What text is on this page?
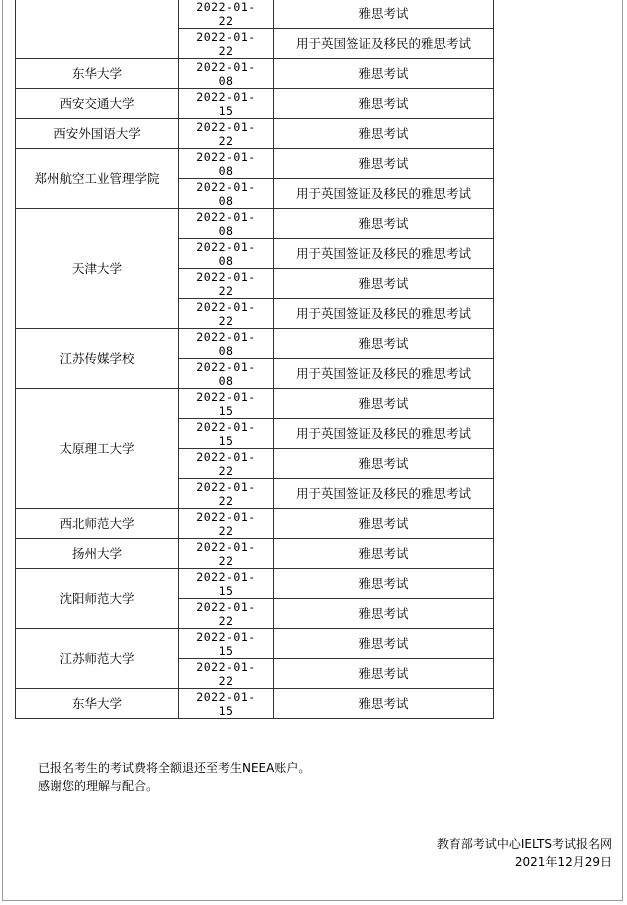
	2022-01-22	雅思考试

	2022-01-22	用于英国签证及移民的雅思考试
东华大学	2022-01-08	雅思考试
西安交通大学	2022-01-15	雅思考试
西安外国语大学	2022-01-22	雅思考试
郑州航空工业管理学院	2022-01-08	雅思考试

	2022-01-08	用于英国签证及移民的雅思考试
天津大学	2022-01-08	雅思考试

	2022-01-08	用于英国签证及移民的雅思考试

	2022-01-22	雅思考试

	2022-01-22	用于英国签证及移民的雅思考试
江苏传媒学校	2022-01-08	雅思考试

	2022-01-08	用于英国签证及移民的雅思考试
太原理工大学	2022-01-15	雅思考试

	2022-01-15	用于英国签证及移民的雅思考试

	2022-01-22	雅思考试

	2022-01-22	用于英国签证及移民的雅思考试
西北师范大学	2022-01-22	雅思考试
扬州大学	2022-01-22	雅思考试
沈阳师范大学	2022-01-15	雅思考试

	2022-01-22	雅思考试
江苏师范大学	2022-01-15	雅思考试

	2022-01-22	雅思考试
东华大学	2022-01-15	雅思考试
已报名考生的考试费将全额退还至考生NEEA账户。
感谢您的理解与配合。
教育部考试中心IELTS考试报名网
2021年12月29日
